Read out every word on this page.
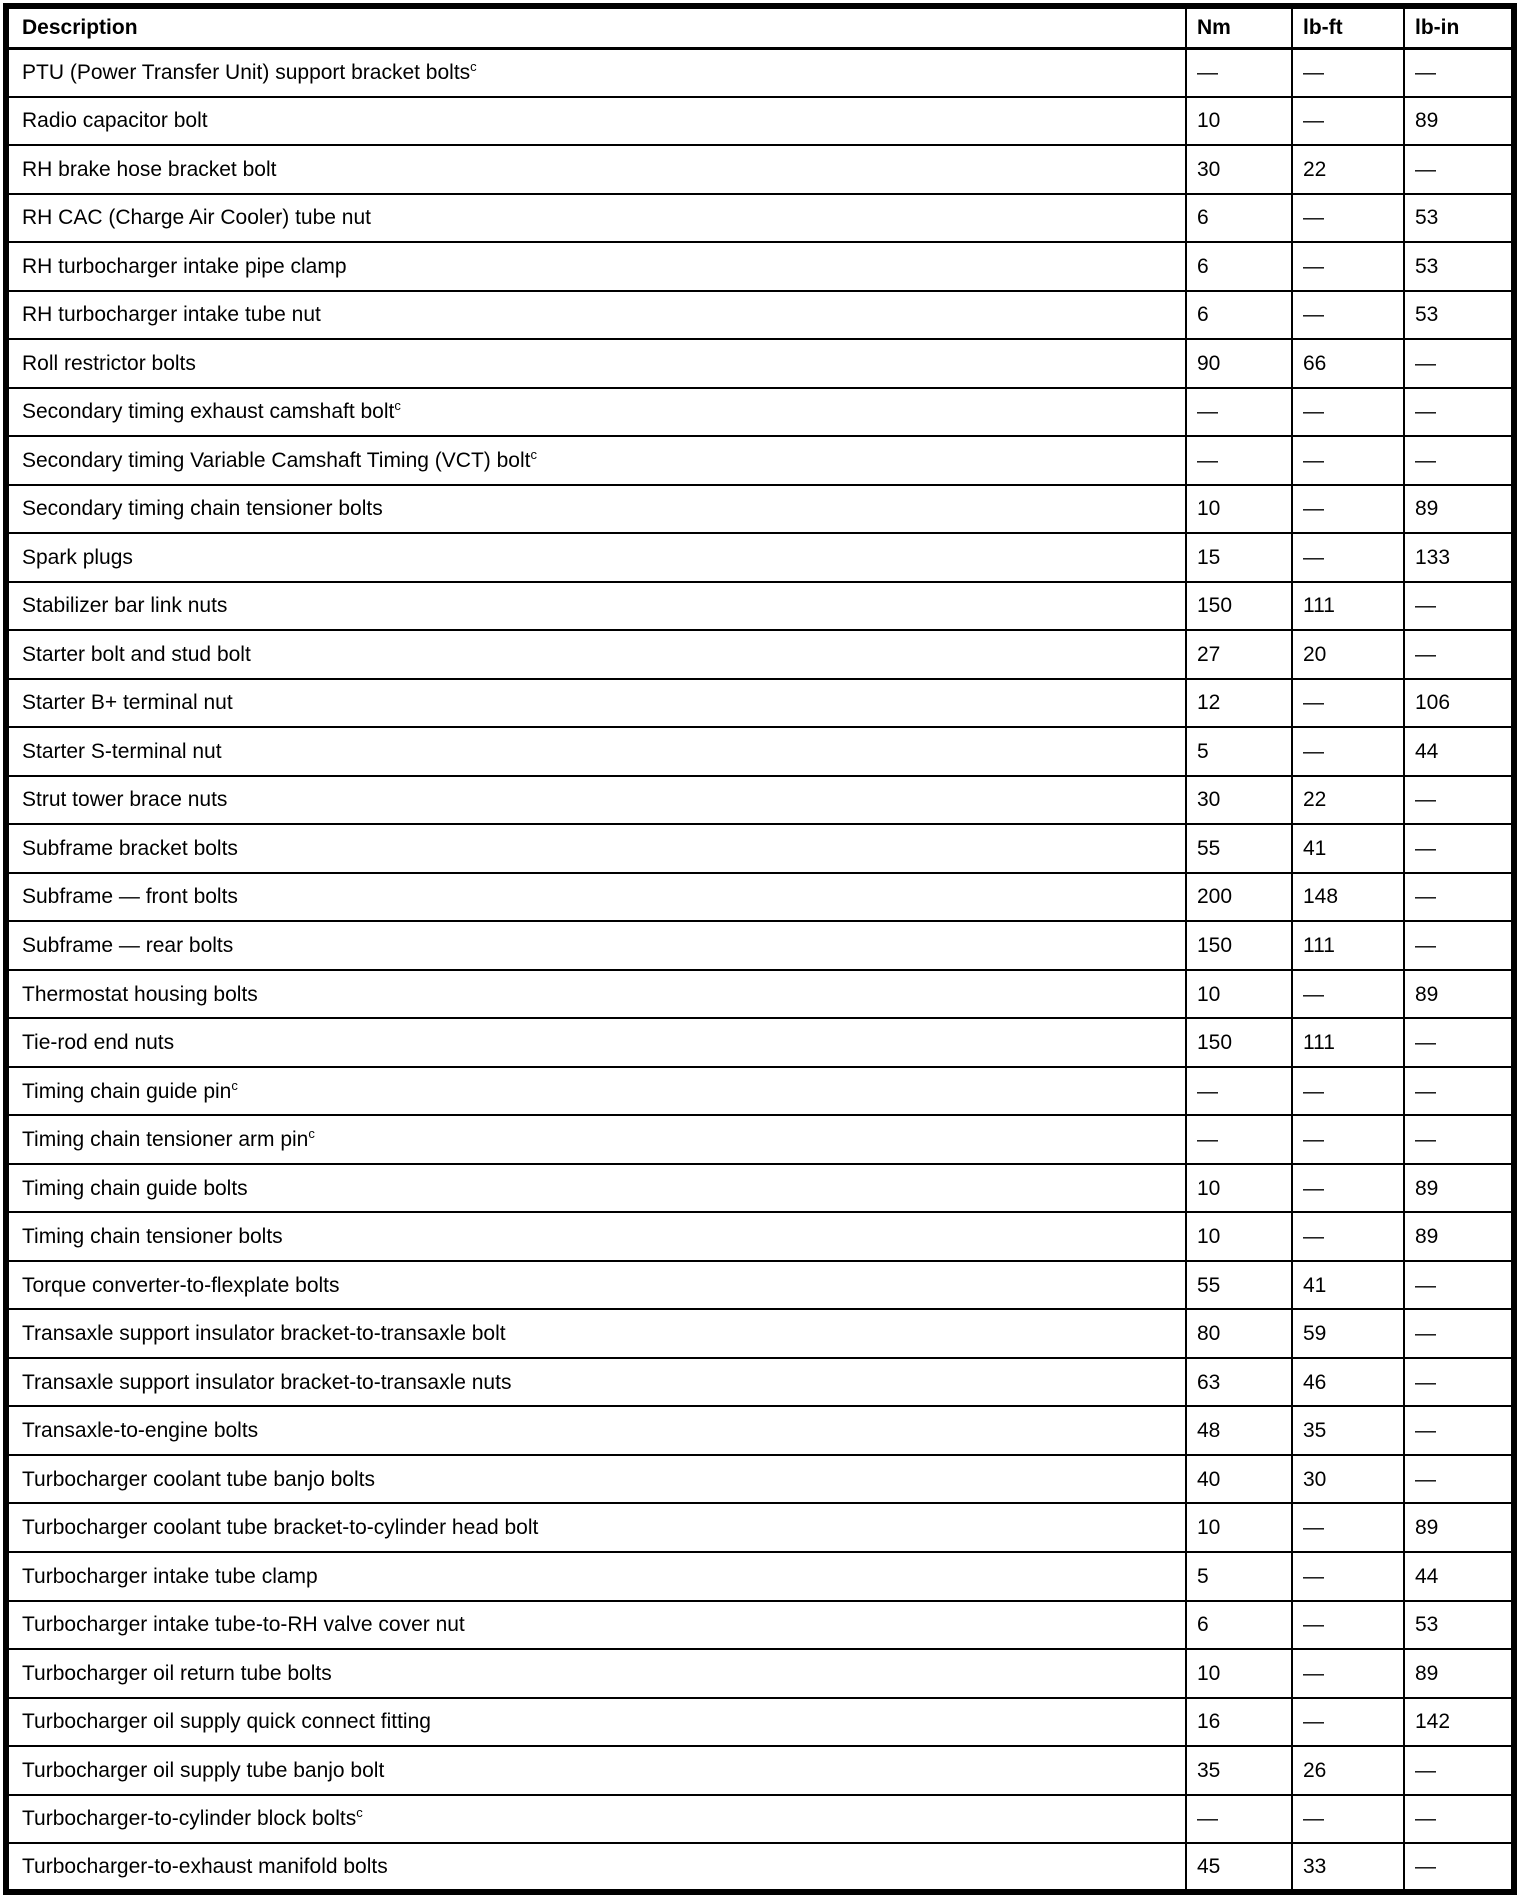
Description	Nm	lb-ft	lb-in
PTU (Power Transfer Unit) support bracket bolts$^c$	—	—	—
Radio capacitor bolt	10	—	89
RH brake hose bracket bolt	30	22	—
RH CAC (Charge Air Cooler) tube nut	6	—	53
RH turbocharger intake pipe clamp	6	—	53
RH turbocharger intake tube nut	6	—	53
Roll restrictor bolts	90	66	—
Secondary timing exhaust camshaft bolt$^c$	—	—	—
Secondary timing Variable Camshaft Timing (VCT) bolt$^c$	—	—	—
Secondary timing chain tensioner bolts	10	—	89
Spark plugs	15	—	133
Stabilizer bar link nuts	150	111	—
Starter bolt and stud bolt	27	20	—
Starter B+ terminal nut	12	—	106
Starter S-terminal nut	5	—	44
Strut tower brace nuts	30	22	—
Subframe bracket bolts	55	41	—
Subframe — front bolts	200	148	—
Subframe — rear bolts	150	111	—
Thermostat housing bolts	10	—	89
Tie-rod end nuts	150	111	—
Timing chain guide pin$^c$	—	—	—
Timing chain tensioner arm pin$^c$	—	—	—
Timing chain guide bolts	10	—	89
Timing chain tensioner bolts	10	—	89
Torque converter-to-flexplate bolts	55	41	—
Transaxle support insulator bracket-to-transaxle bolt	80	59	—
Transaxle support insulator bracket-to-transaxle nuts	63	46	—
Transaxle-to-engine bolts	48	35	—
Turbocharger coolant tube banjo bolts	40	30	—
Turbocharger coolant tube bracket-to-cylinder head bolt	10	—	89
Turbocharger intake tube clamp	5	—	44
Turbocharger intake tube-to-RH valve cover nut	6	—	53
Turbocharger oil return tube bolts	10	—	89
Turbocharger oil supply quick connect fitting	16	—	142
Turbocharger oil supply tube banjo bolt	35	26	—
Turbocharger-to-cylinder block bolts$^c$	—	—	—
Turbocharger-to-exhaust manifold bolts	45	33	—
